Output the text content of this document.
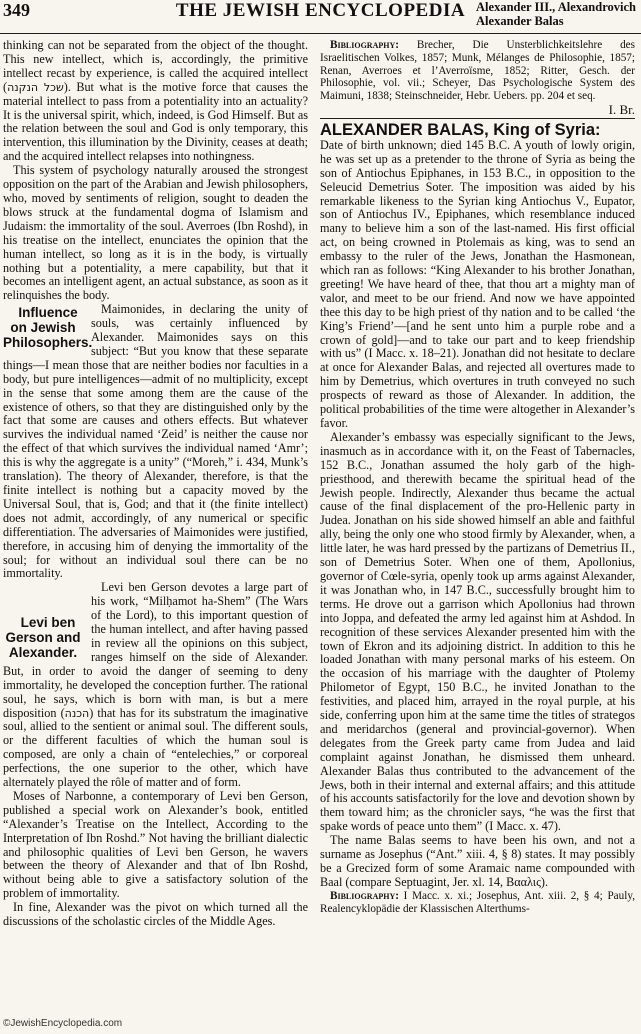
349	THE JEWISH ENCYCLOPEDIA Alexander III., Alexandrovich
Alexander Balas

thinking can not be separated from the object of the thought. This new intellect, which is, accordingly, the primitive intellect recast by experience, is called the acquired intellect (שכל הנקנה). But what is the motive force that causes the material intellect to pass from a potentiality into an actuality? It is the universal spirit, which, indeed, is God Himself. But as the relation between the soul and God is only temporary, this intervention, this illumination by the Divinity, ceases at death; and the acquired intellect relapses into nothingness.

This system of psychology naturally aroused the strongest opposition on the part of the Arabian and Jewish philosophers, who, moved by sentiments of religion, sought to deaden the blows struck at the fundamental dogma of Islamism and Judaism: the immortality of the soul. Averroes (Ibn Roshd), in his treatise on the intellect, enunciates the opinion that the human intellect, so long as it is in the body, is virtually nothing but a potentiality, a mere capability, but that it becomes an intelligent agent, an actual substance, as soon as it relinquishes the body.

Influence on Jewish Philosophers.
Maimonides, in declaring the unity of souls, was certainly influenced by Alexander. Maimonides says on this subject: “But you know that these separate things—I mean those that are neither bodies nor faculties in a body, but pure intelligences—admit of no multiplicity, except in the sense that some among them are the cause of the existence of others, so that they are distinguished only by the fact that some are causes and others effects. But whatever survives the individual named ‘Zeid’ is neither the cause nor the effect of that which survives the individual named ‘Amr’; this is why the aggregate is a unity” (“Moreh,” i. 434, Munk’s translation). The theory of Alexander, therefore, is that the finite intellect is nothing but a capacity moved by the Universal Soul, that is, God; and that it (the finite intellect) does not admit, accordingly, of any numerical or specific differentiation. The adversaries of Maimonides were justified, therefore, in accusing him of denying the immortality of the soul; for without an individual soul there can be no immortality.

Levi ben Gerson and Alexander.
Levi ben Gerson devotes a large part of his work, “Milḥamot ha-Shem” (The Wars of the Lord), to this important question of the human intellect, and after having passed in review all the opinions on this subject, ranges himself on the side of Alexander. But, in order to avoid the danger of seeming to deny immortality, he developed the conception further. The rational soul, he says, which is born with man, is but a mere disposition (הכנה) that has for its substratum the imaginative soul, allied to the sentient or animal soul. The different souls, or the different faculties of which the human soul is composed, are only a chain of “entelechies,” or corporeal perfections, the one superior to the other, which have alternately played the rôle of matter and of form.

Moses of Narbonne, a contemporary of Levi ben Gerson, published a special work on Alexander’s book, entitled “Alexander’s Treatise on the Intellect, According to the Interpretation of Ibn Roshd.” Not having the brilliant dialectic and philosophic qualities of Levi ben Gerson, he wavers between the theory of Alexander and that of Ibn Roshd, without being able to give a satisfactory solution of the problem of immortality.

In fine, Alexander was the pivot on which turned all the discussions of the scholastic circles of the Middle Ages.

Bibliography: Brecher, Die Unsterblichkeitslehre des Israelitischen Volkes, 1857; Munk, Mélanges de Philosophie, 1857; Renan, Averroes et l’Averroïsme, 1852; Ritter, Gesch. der Philosophie, vol. vii.; Scheyer, Das Psychologische System des Maimuni, 1838; Steinschneider, Hebr. Uebers. pp. 204 et seq.

I. Br.

ALEXANDER BALAS, King of Syria:

Date of birth unknown; died 145 B.C. A youth of lowly origin, he was set up as a pretender to the throne of Syria as being the son of Antiochus Epiphanes, in 153 B.C., in opposition to the Seleucid Demetrius Soter. The imposition was aided by his remarkable likeness to the Syrian king Antiochus V., Eupator, son of Antiochus IV., Epiphanes, which resemblance induced many to believe him a son of the last-named. His first official act, on being crowned in Ptolemais as king, was to send an embassy to the ruler of the Jews, Jonathan the Hasmonean, which ran as follows: “King Alexander to his brother Jonathan, greeting! We have heard of thee, that thou art a mighty man of valor, and meet to be our friend. And now we have appointed thee this day to be high priest of thy nation and to be called ‘the King’s Friend’—[and he sent unto him a purple robe and a crown of gold]—and to take our part and to keep friendship with us” (I Macc. x. 18–21). Jonathan did not hesitate to declare at once for Alexander Balas, and rejected all overtures made to him by Demetrius, which overtures in truth conveyed no such prospects of reward as those of Alexander. In addition, the political probabilities of the time were altogether in Alexander’s favor.

Alexander’s embassy was especially significant to the Jews, inasmuch as in accordance with it, on the Feast of Tabernacles, 152 B.C., Jonathan assumed the holy garb of the high-priesthood, and therewith became the spiritual head of the Jewish people. Indirectly, Alexander thus became the actual cause of the final displacement of the pro-Hellenic party in Judea. Jonathan on his side showed himself an able and faithful ally, being the only one who stood firmly by Alexander, when, a little later, he was hard pressed by the partizans of Demetrius II., son of Demetrius Soter. When one of them, Apollonius, governor of Cœle-syria, openly took up arms against Alexander, it was Jonathan who, in 147 B.C., successfully brought him to terms. He drove out a garrison which Apollonius had thrown into Joppa, and defeated the army led against him at Ashdod. In recognition of these services Alexander presented him with the town of Ekron and its adjoining district. In addition to this he loaded Jonathan with many personal marks of his esteem. On the occasion of his marriage with the daughter of Ptolemy Philometor of Egypt, 150 B.C., he invited Jonathan to the festivities, and placed him, arrayed in the royal purple, at his side, conferring upon him at the same time the titles of strategos and meridarchos (general and provincial-governor). When delegates from the Greek party came from Judea and laid complaint against Jonathan, he dismissed them unheard. Alexander Balas thus contributed to the advancement of the Jews, both in their internal and external affairs; and this attitude of his accounts satisfactorily for the love and devotion shown by them toward him; as the chronicler says, “he was the first that spake words of peace unto them” (I Macc. x. 47).

The name Balas seems to have been his own, and not a surname as Josephus (“Ant.” xiii. 4, § 8) states. It may possibly be a Grecized form of some Aramaic name compounded with Baal (compare Septuagint, Jer. xl. 14, Βααλις).

Bibliography: I Macc. x. xi.; Josephus, Ant. xiii. 2, § 4; Pauly, Realencyklopädie der Klassischen Alterthums-

©JewishEncyclopedia.com
